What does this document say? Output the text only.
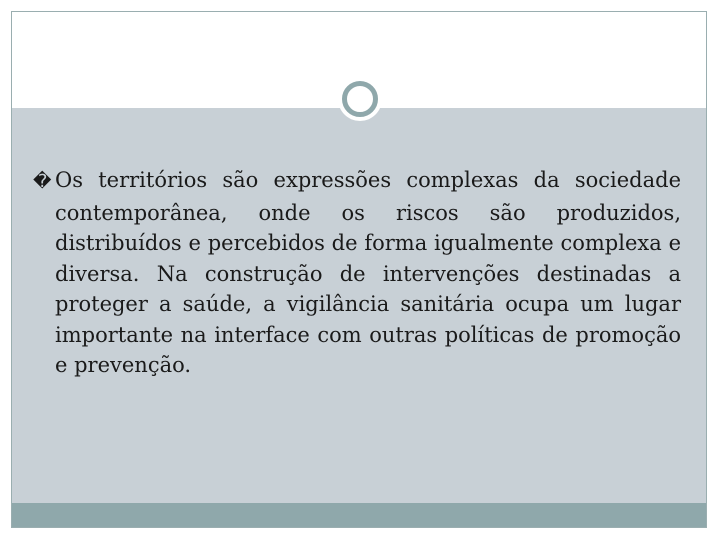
� Os territórios são expressões complexas da sociedade contemporânea, onde os riscos são produzidos, distribuídos e percebidos de forma igualmente complexa e diversa. Na construção de intervenções destinadas a proteger a saúde, a vigilância sanitária ocupa um lugar importante na interface com outras políticas de promoção e prevenção.
